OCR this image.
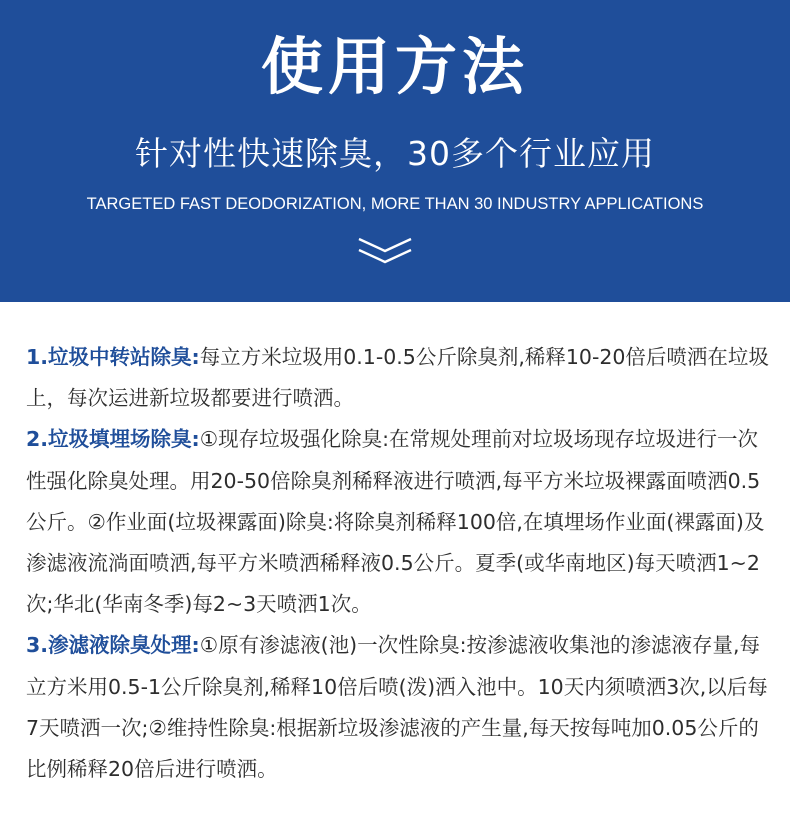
使用方法
针对性快速除臭，30多个行业应用
TARGETED FAST DEODORIZATION, MORE THAN 30 INDUSTRY APPLICATIONS

1.垃圾中转站除臭:每立方米垃圾用0.1-0.5公斤除臭剂,稀释10-20倍后喷洒在垃圾上，每次运进新垃圾都要进行喷洒。

2.垃圾填埋场除臭:①现存垃圾强化除臭:在常规处理前对垃圾场现存垃圾进行一次性强化除臭处理。用20-50倍除臭剂稀释液进行喷洒,每平方米垃圾裸露面喷洒0.5公斤。②作业面(垃圾裸露面)除臭:将除臭剂稀释100倍,在填埋场作业面(裸露面)及渗滤液流淌面喷洒,每平方米喷洒稀释液0.5公斤。夏季(或华南地区)每天喷洒1~2次;华北(华南冬季)每2~3天喷洒1次。

3.渗滤液除臭处理:①原有渗滤液(池)一次性除臭:按渗滤液收集池的渗滤液存量,每立方米用0.5-1公斤除臭剂,稀释10倍后喷(泼)洒入池中。10天内须喷洒3次,以后每7天喷洒一次;②维持性除臭:根据新垃圾渗滤液的产生量,每天按每吨加0.05公斤的比例稀释20倍后进行喷洒。
